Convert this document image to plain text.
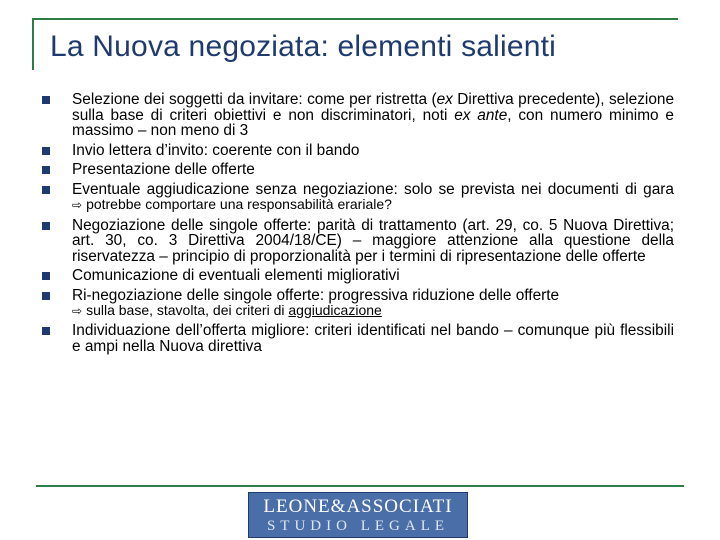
La Nuova negoziata: elementi salienti
Selezione dei soggetti da invitare: come per ristretta (ex Direttiva precedente), selezione sulla base di criteri obiettivi e non discriminatori, noti ex ante, con numero minimo e massimo – non meno di 3
Invio lettera d’invito: coerente con il bando
Presentazione delle offerte
Eventuale aggiudicazione senza negoziazione: solo se prevista nei documenti di gara ⇨ potrebbe comportare una responsabilità erariale?
Negoziazione delle singole offerte: parità di trattamento (art. 29, co. 5 Nuova Direttiva; art. 30, co. 3 Direttiva 2004/18/CE) – maggiore attenzione alla questione della riservatezza – principio di proporzionalità per i termini di ripresentazione delle offerte
Comunicazione di eventuali elementi migliorativi
Ri-negoziazione delle singole offerte: progressiva riduzione delle offerte
⇨ sulla base, stavolta, dei criteri di aggiudicazione
Individuazione dell’offerta migliore: criteri identificati nel bando – comunque più flessibili e ampi nella Nuova direttiva
LEONE&ASSOCIATI
STUDIO LEGALE
